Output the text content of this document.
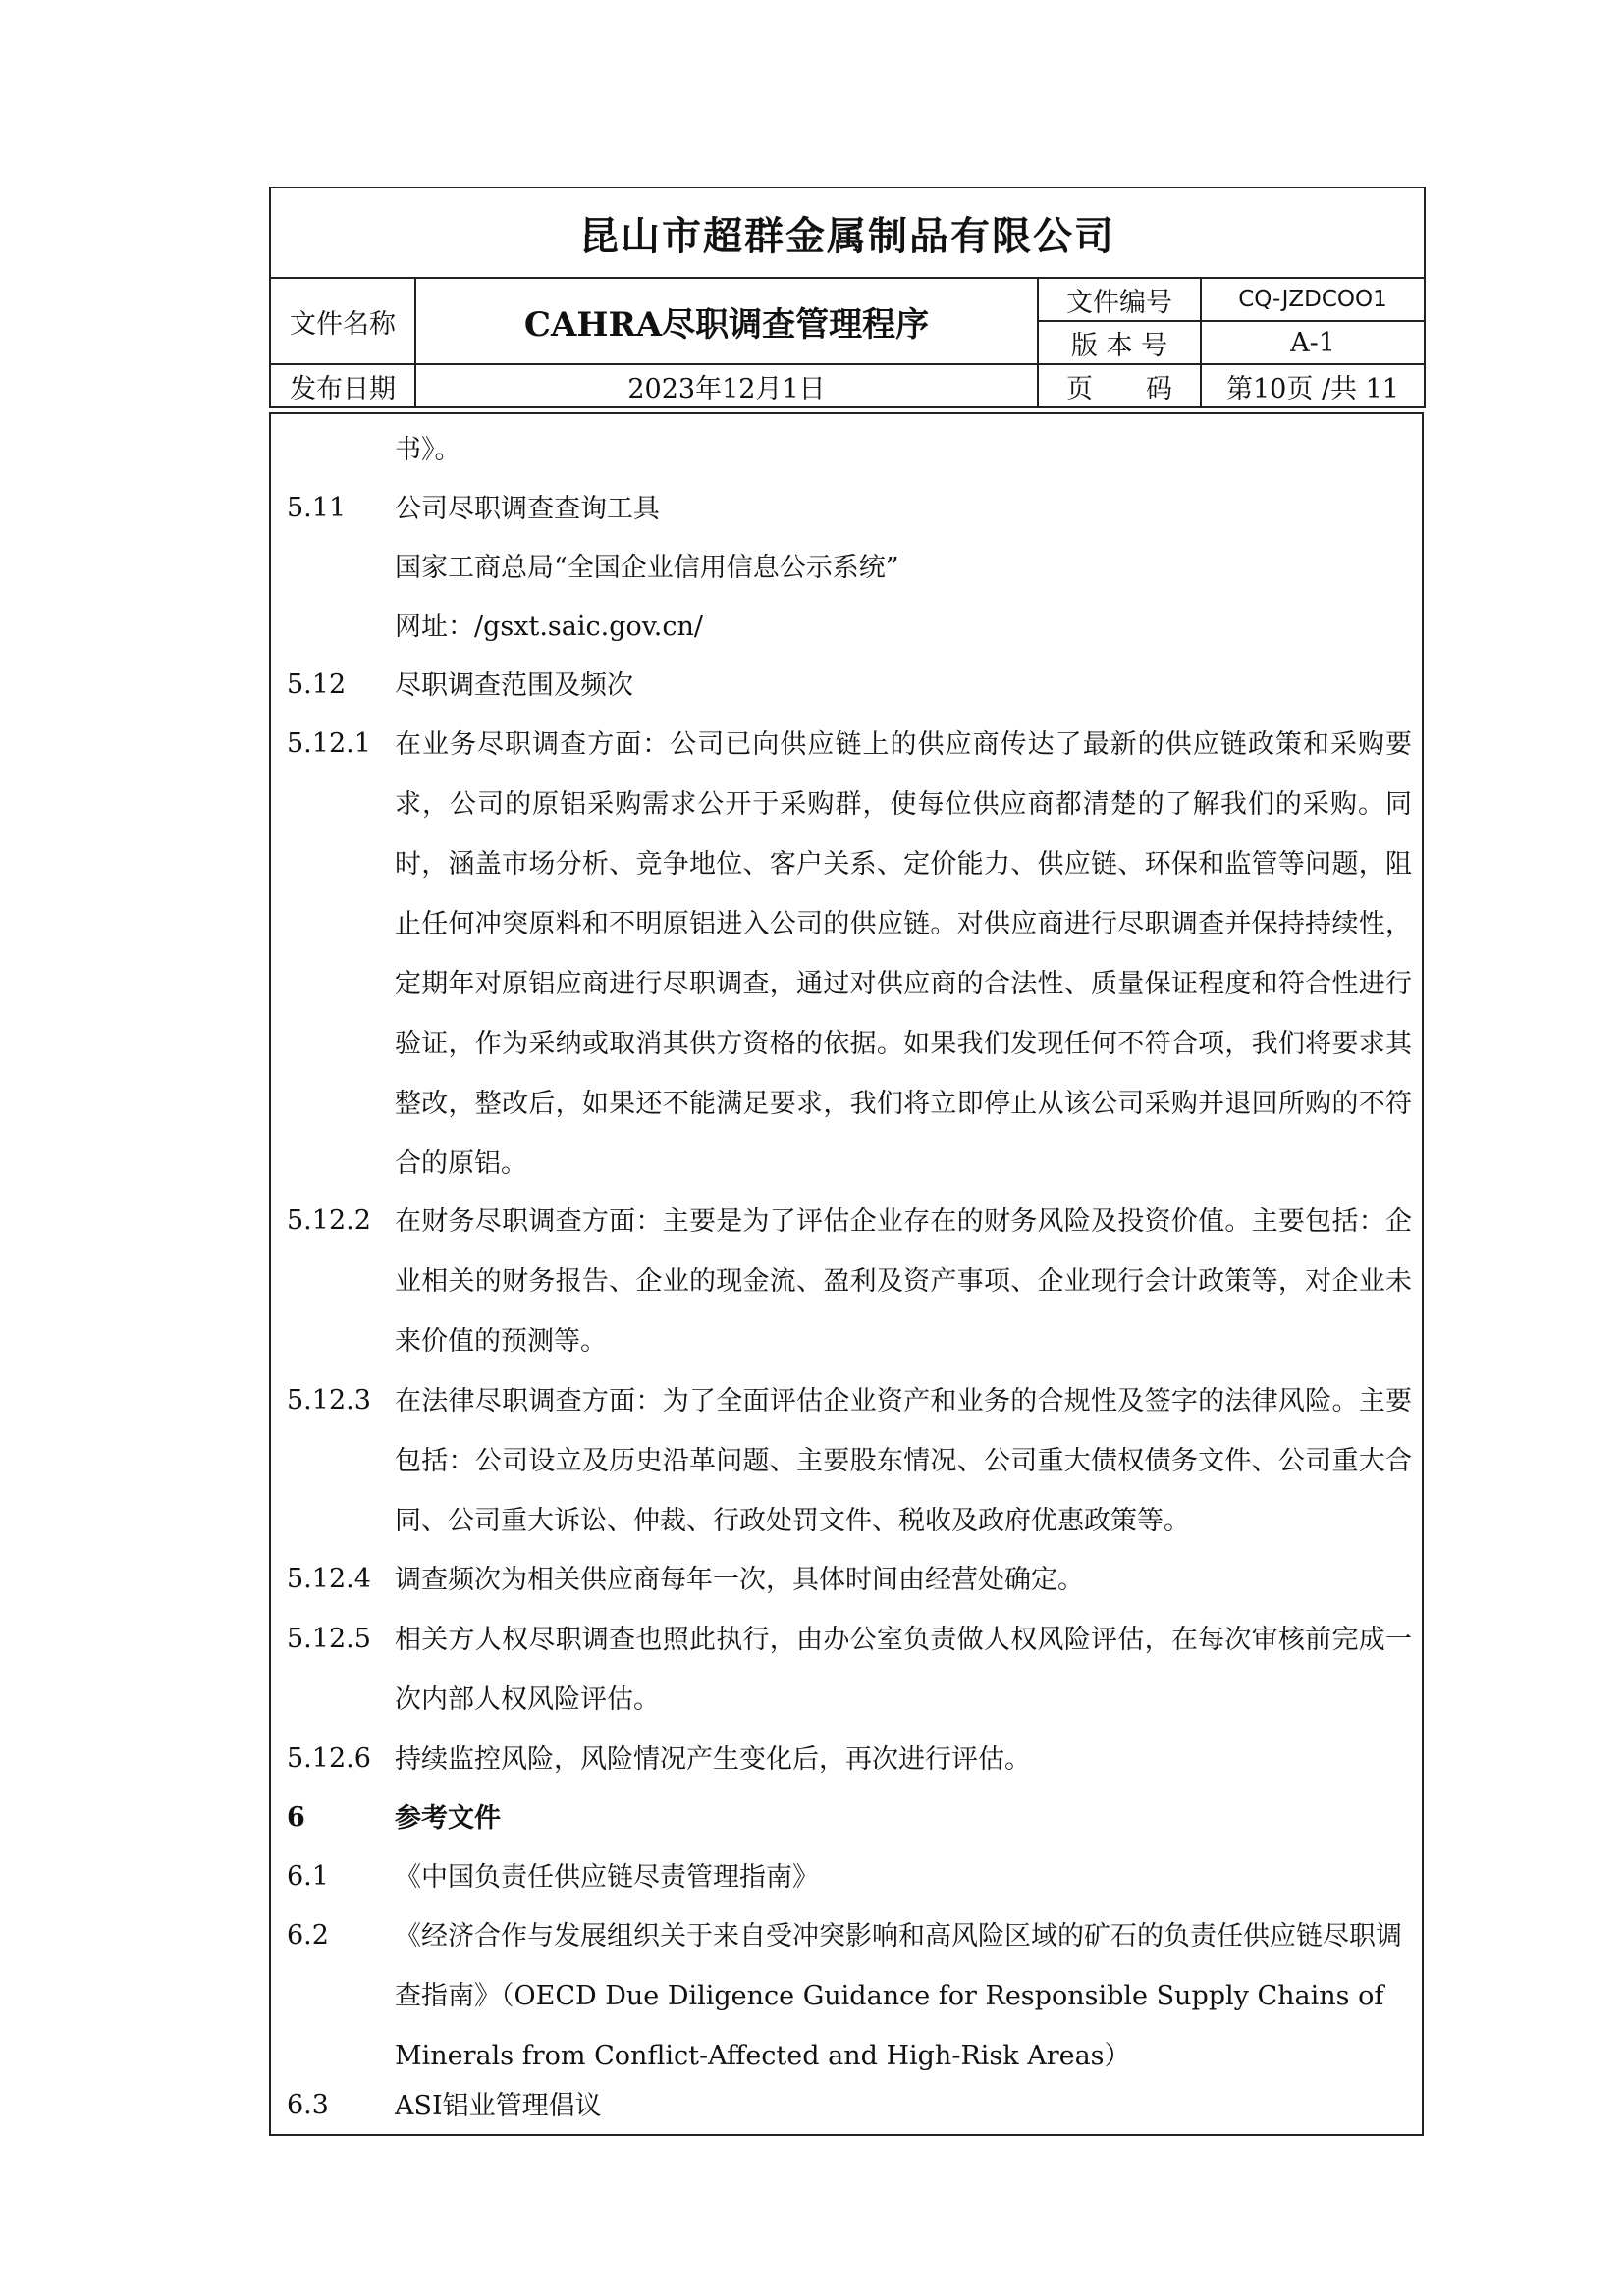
昆山市超群金属制品有限公司			
文件名称	CAHRA尽职调查管理程序	文件编号	CQ-JZDCOO1
		版 本 号	A-1
发布日期	2023年12月1日	页　　码	第10页 /共 11
书》。
5.11	公司尽职调查查询工具
国家工商总局“全国企业信用信息公示系统”
网址：/gsxt.saic.gov.cn/
5.12	尽职调查范围及频次
5.12.1 在业务尽职调查方面：公司已向供应链上的供应商传达了最新的供应链政策和采购要求，公司的原铝采购需求公开于采购群，使每位供应商都清楚的了解我们的采购。同时，涵盖市场分析、竞争地位、客户关系、定价能力、供应链、环保和监管等问题，阻止任何冲突原料和不明原铝进入公司的供应链。对供应商进行尽职调查并保持持续性，定期年对原铝应商进行尽职调查，通过对供应商的合法性、质量保证程度和符合性进行验证，作为采纳或取消其供方资格的依据。如果我们发现任何不符合项，我们将要求其整改，整改后，如果还不能满足要求，我们将立即停止从该公司采购并退回所购的不符合的原铝。
5.12.2 在财务尽职调查方面：主要是为了评估企业存在的财务风险及投资价值。主要包括：企业相关的财务报告、企业的现金流、盈利及资产事项、企业现行会计政策等，对企业未来价值的预测等。
5.12.3 在法律尽职调查方面：为了全面评估企业资产和业务的合规性及签字的法律风险。主要包括：公司设立及历史沿革问题、主要股东情况、公司重大债权债务文件、公司重大合同、公司重大诉讼、仲裁、行政处罚文件、税收及政府优惠政策等。
5.12.4 调查频次为相关供应商每年一次，具体时间由经营处确定。
5.12.5 相关方人权尽职调查也照此执行，由办公室负责做人权风险评估，在每次审核前完成一次内部人权风险评估。
5.12.6 持续监控风险，风险情况产生变化后，再次进行评估。
6	参考文件
6.1	《中国负责任供应链尽责管理指南》
6.2	《经济合作与发展组织关于来自受冲突影响和高风险区域的矿石的负责任供应链尽职调查指南》（OECD Due Diligence Guidance for Responsible Supply Chains of Minerals from Conflict-Affected and High-Risk Areas）
6.3	ASI铝业管理倡议
